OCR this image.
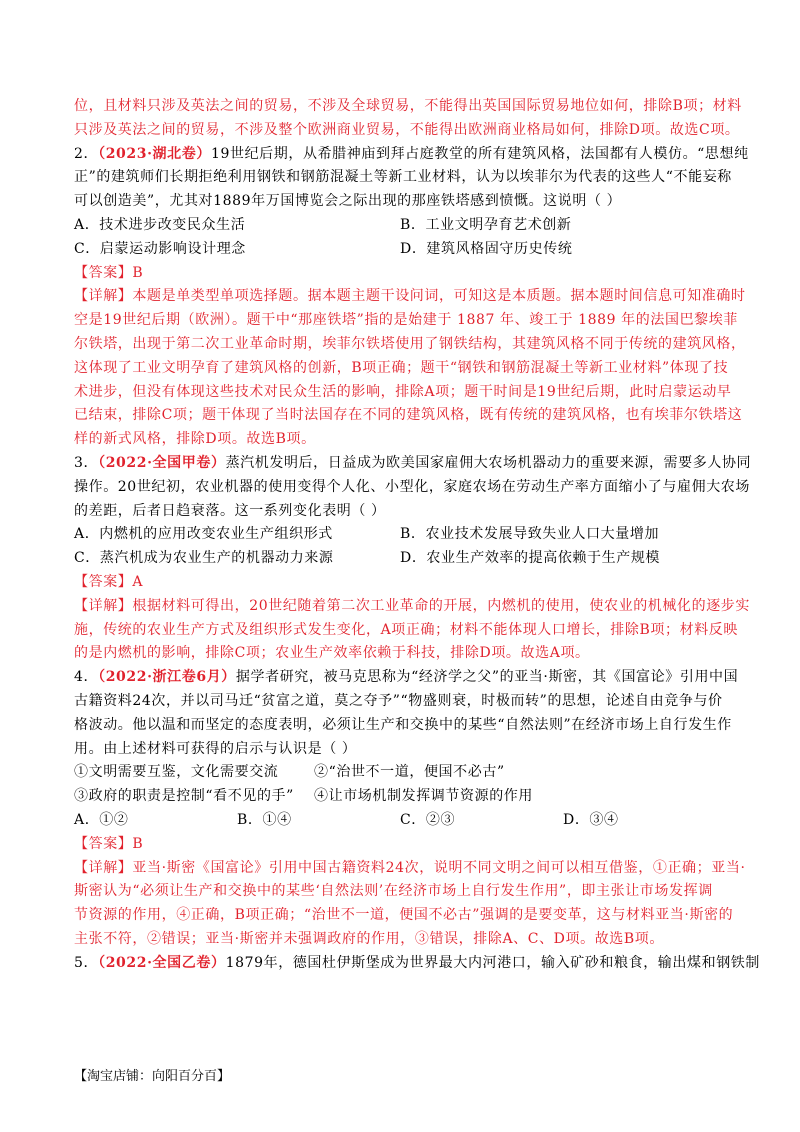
位，且材料只涉及英法之间的贸易，不涉及全球贸易，不能得出英国国际贸易地位如何，排除B项；材料
只涉及英法之间的贸易，不涉及整个欧洲商业贸易，不能得出欧洲商业格局如何，排除D项。故选C项。
2．（2023·湖北卷）19世纪后期，从希腊神庙到拜占庭教堂的所有建筑风格，法国都有人模仿。“思想纯
正”的建筑师们长期拒绝利用钢铁和钢筋混凝土等新工业材料，认为以埃菲尔为代表的这些人“不能妄称
可以创造美”，尤其对1889年万国博览会之际出现的那座铁塔感到愤慨。这说明（ ）
A．技术进步改变民众生活	B．工业文明孕育艺术创新
C．启蒙运动影响设计理念	D．建筑风格固守历史传统
【答案】B
【详解】本题是单类型单项选择题。据本题主题干设问词，可知这是本质题。据本题时间信息可知准确时
空是19世纪后期（欧洲）。题干中“那座铁塔”指的是始建于 1887 年、竣工于 1889 年的法国巴黎埃菲
尔铁塔，出现于第二次工业革命时期，埃菲尔铁塔使用了钢铁结构，其建筑风格不同于传统的建筑风格，
这体现了工业文明孕育了建筑风格的创新，B项正确；题干“钢铁和钢筋混凝土等新工业材料”体现了技
术进步，但没有体现这些技术对民众生活的影响，排除A项；题干时间是19世纪后期，此时启蒙运动早
已结束，排除C项；题干体现了当时法国存在不同的建筑风格，既有传统的建筑风格，也有埃菲尔铁塔这
样的新式风格，排除D项。故选B项。
3．（2022·全国甲卷）蒸汽机发明后，日益成为欧美国家雇佣大农场机器动力的重要来源，需要多人协同
操作。20世纪初，农业机器的使用变得个人化、小型化，家庭农场在劳动生产率方面缩小了与雇佣大农场
的差距，后者日趋衰落。这一系列变化表明（ ）
A．内燃机的应用改变农业生产组织形式	B．农业技术发展导致失业人口大量增加
C．蒸汽机成为农业生产的机器动力来源	D．农业生产效率的提高依赖于生产规模
【答案】A
【详解】根据材料可得出，20世纪随着第二次工业革命的开展，内燃机的使用，使农业的机械化的逐步实
施，传统的农业生产方式及组织形式发生变化，A项正确；材料不能体现人口增长，排除B项；材料反映
的是内燃机的影响，排除C项；农业生产效率依赖于科技，排除D项。故选A项。
4．（2022·浙江卷6月）据学者研究，被马克思称为“经济学之父”的亚当·斯密，其《国富论》引用中国
古籍资料24次，并以司马迁“贫富之道，莫之夺予”“物盛则衰，时极而转”的思想，论述自由竞争与价
格波动。他以温和而坚定的态度表明，必须让生产和交换中的某些“自然法则”在经济市场上自行发生作
用。由上述材料可获得的启示与认识是（ ）
①文明需要互鉴，文化需要交流	②“治世不一道，便国不必古”
③政府的职责是控制“看不见的手”	④让市场机制发挥调节资源的作用
A．①②	B．①④	C．②③	D．③④
【答案】B
【详解】亚当·斯密《国富论》引用中国古籍资料24次，说明不同文明之间可以相互借鉴，①正确；亚当·
斯密认为“必须让生产和交换中的某些‘自然法则’在经济市场上自行发生作用”，即主张让市场发挥调
节资源的作用，④正确，B项正确；“治世不一道，便国不必古”强调的是要变革，这与材料亚当·斯密的
主张不符，②错误；亚当·斯密并未强调政府的作用，③错误，排除A、C、D项。故选B项。
5．（2022·全国乙卷）1879年，德国杜伊斯堡成为世界最大内河港口，输入矿砂和粮食，输出煤和钢铁制
【淘宝店铺：向阳百分百】
